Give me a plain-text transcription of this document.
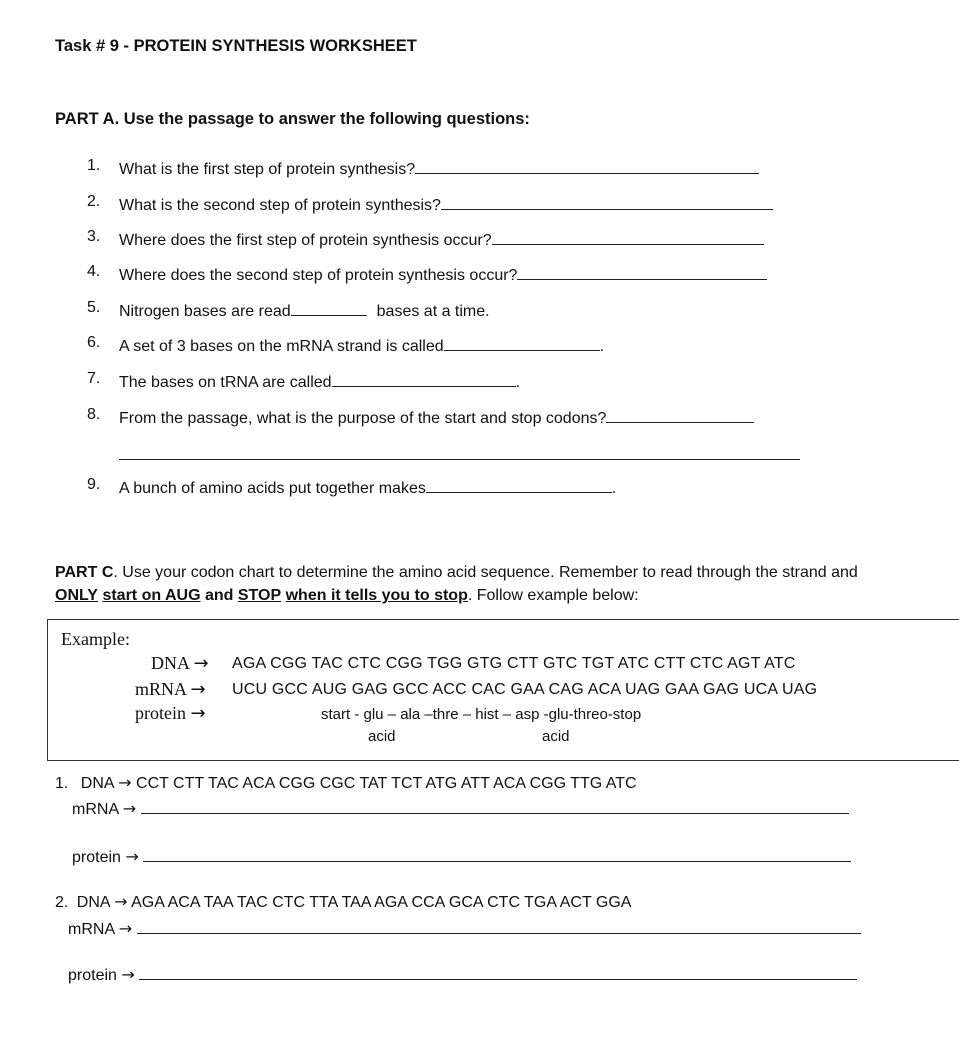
Task # 9 - PROTEIN SYNTHESIS WORKSHEET
PART A. Use the passage to answer the following questions:
1. What is the first step of protein synthesis?
2. What is the second step of protein synthesis?
3. Where does the first step of protein synthesis occur?
4. Where does the second step of protein synthesis occur?
5. Nitrogen bases are read	bases at a time.
6. A set of 3 bases on the mRNA strand is called	.
7. The bases on tRNA are called	.
8. From the passage, what is the purpose of the start and stop codons?
9. A bunch of amino acids put together makes	.
PART C. Use your codon chart to determine the amino acid sequence. Remember to read through the strand and ONLY start on AUG and STOP when it tells you to stop. Follow example below:
Example:
DNA → AGA CGG TAC CTC CGG TGG GTG CTT GTC TGT ATC CTT CTC AGT ATC
mRNA → UCU GCC AUG GAG GCC ACC CAC GAA CAG ACA UAG GAA GAG UCA UAG
protein →	start - glu – ala –thre – hist – asp -glu-threo-stop
acid	acid
1. DNA → CCT CTT TAC ACA CGG CGC TAT TCT ATG ATT ACA CGG TTG ATC
mRNA →
protein →
2. DNA → AGA ACA TAA TAC CTC TTA TAA AGA CCA GCA CTC TGA ACT GGA
mRNA →
protein →
